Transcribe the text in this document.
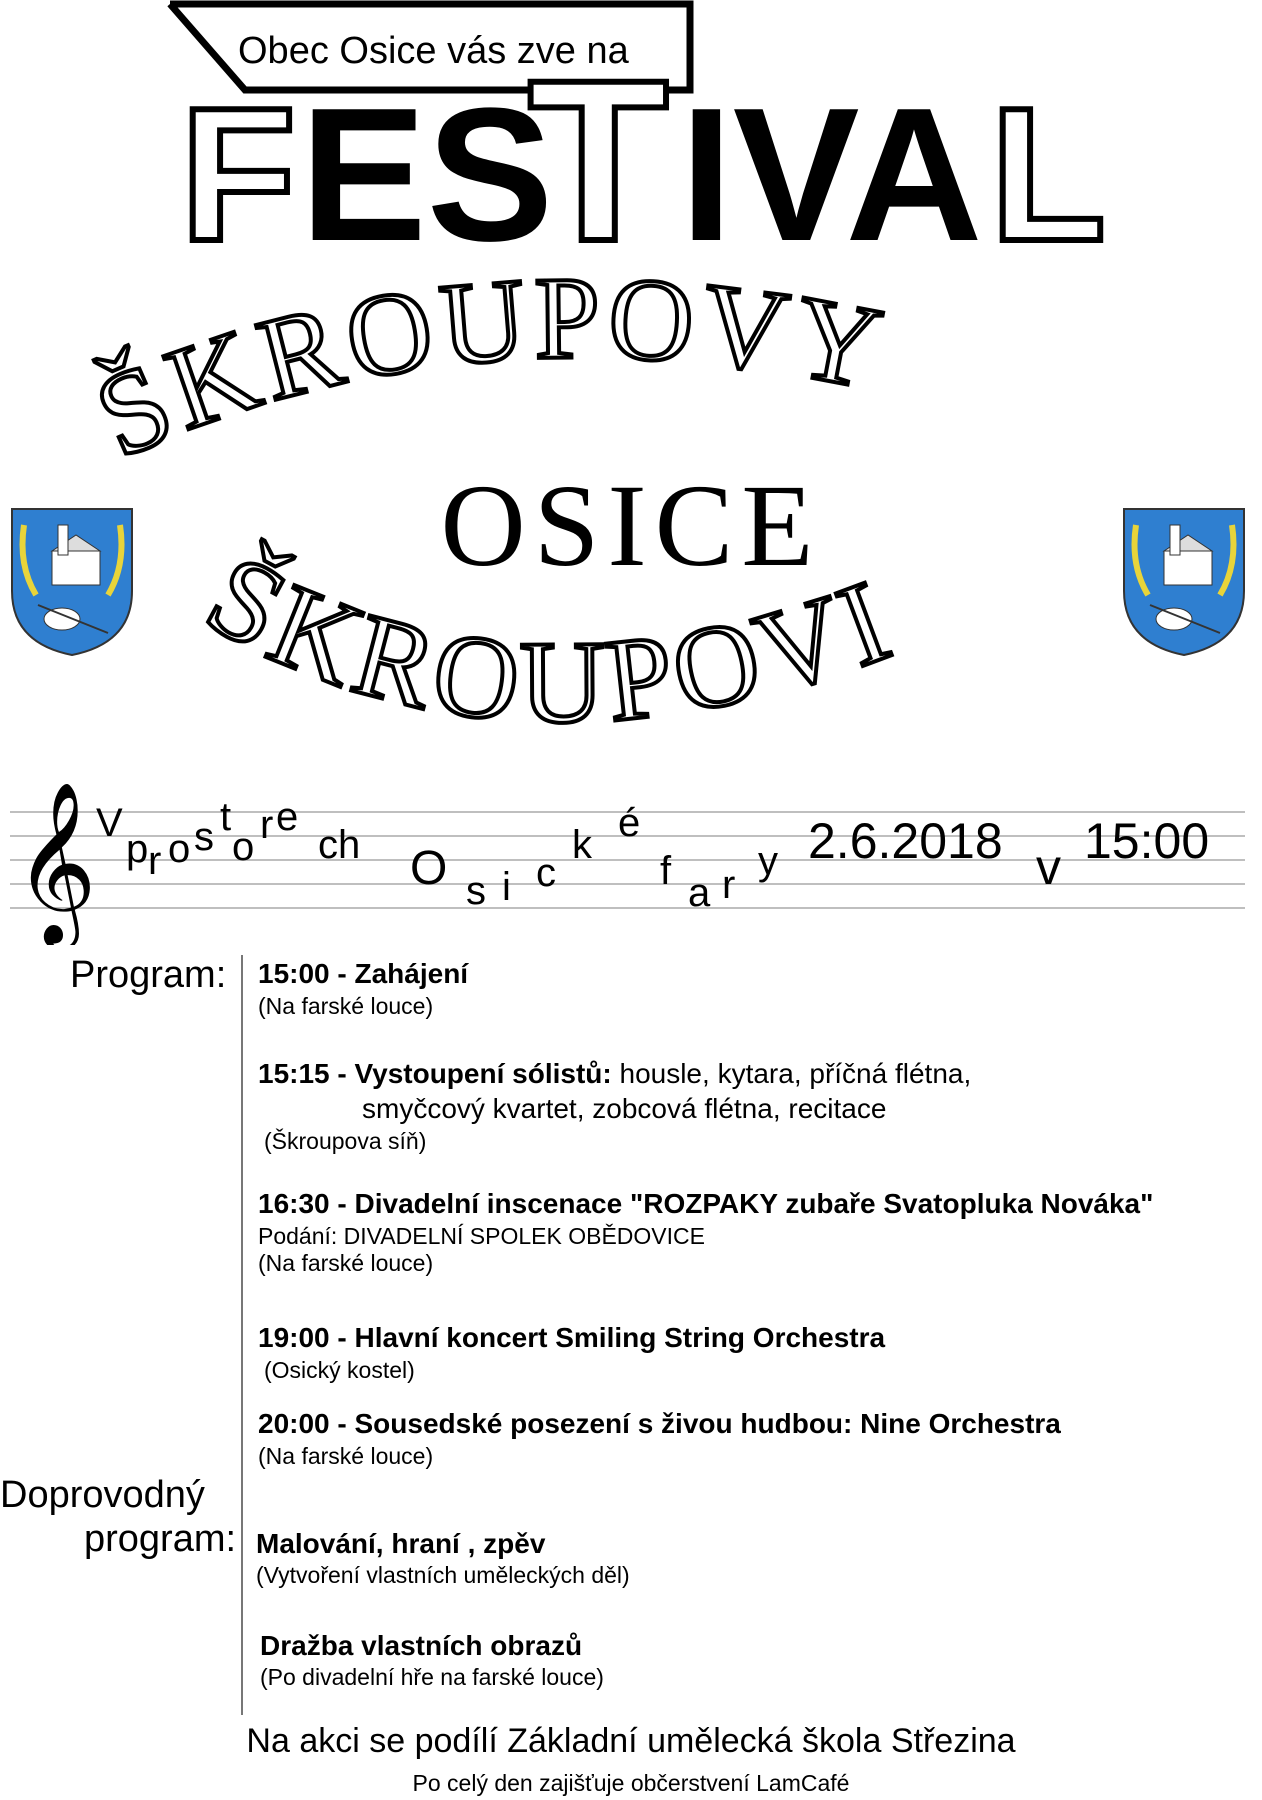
F ES
T IVA L
Obec Osice vás zve na
ŠKROUPOVY
OSICE
ŠKROUPOVI
𝄞 V
p r o s t
o r e
ch O s i c
k é
f a r
y 2.6.2018 v 15:00
Program: 15:00 - Zahájení
(Na farské louce)
15:15 - Vystoupení sólistů: housle, kytara, příčná flétna,
smyčcový kvartet, zobcová flétna, recitace
(Škroupova síň)
16:30 - Divadelní inscenace "ROZPAKY zubaře Svatopluka Nováka"
Podání: DIVADELNÍ SPOLEK OBĚDOVICE
(Na farské louce)
19:00 - Hlavní koncert Smiling String Orchestra
(Osický kostel)
20:00 - Sousedské posezení s živou hudbou: Nine Orchestra
(Na farské louce)
Doprovodný
program: Malování, hraní , zpěv
(Vytvoření vlastních uměleckých děl)
Dražba vlastních obrazů
(Po divadelní hře na farské louce)
Na akci se podílí Základní umělecká škola Střezina
Po celý den zajišťuje občerstvení LamCafé
